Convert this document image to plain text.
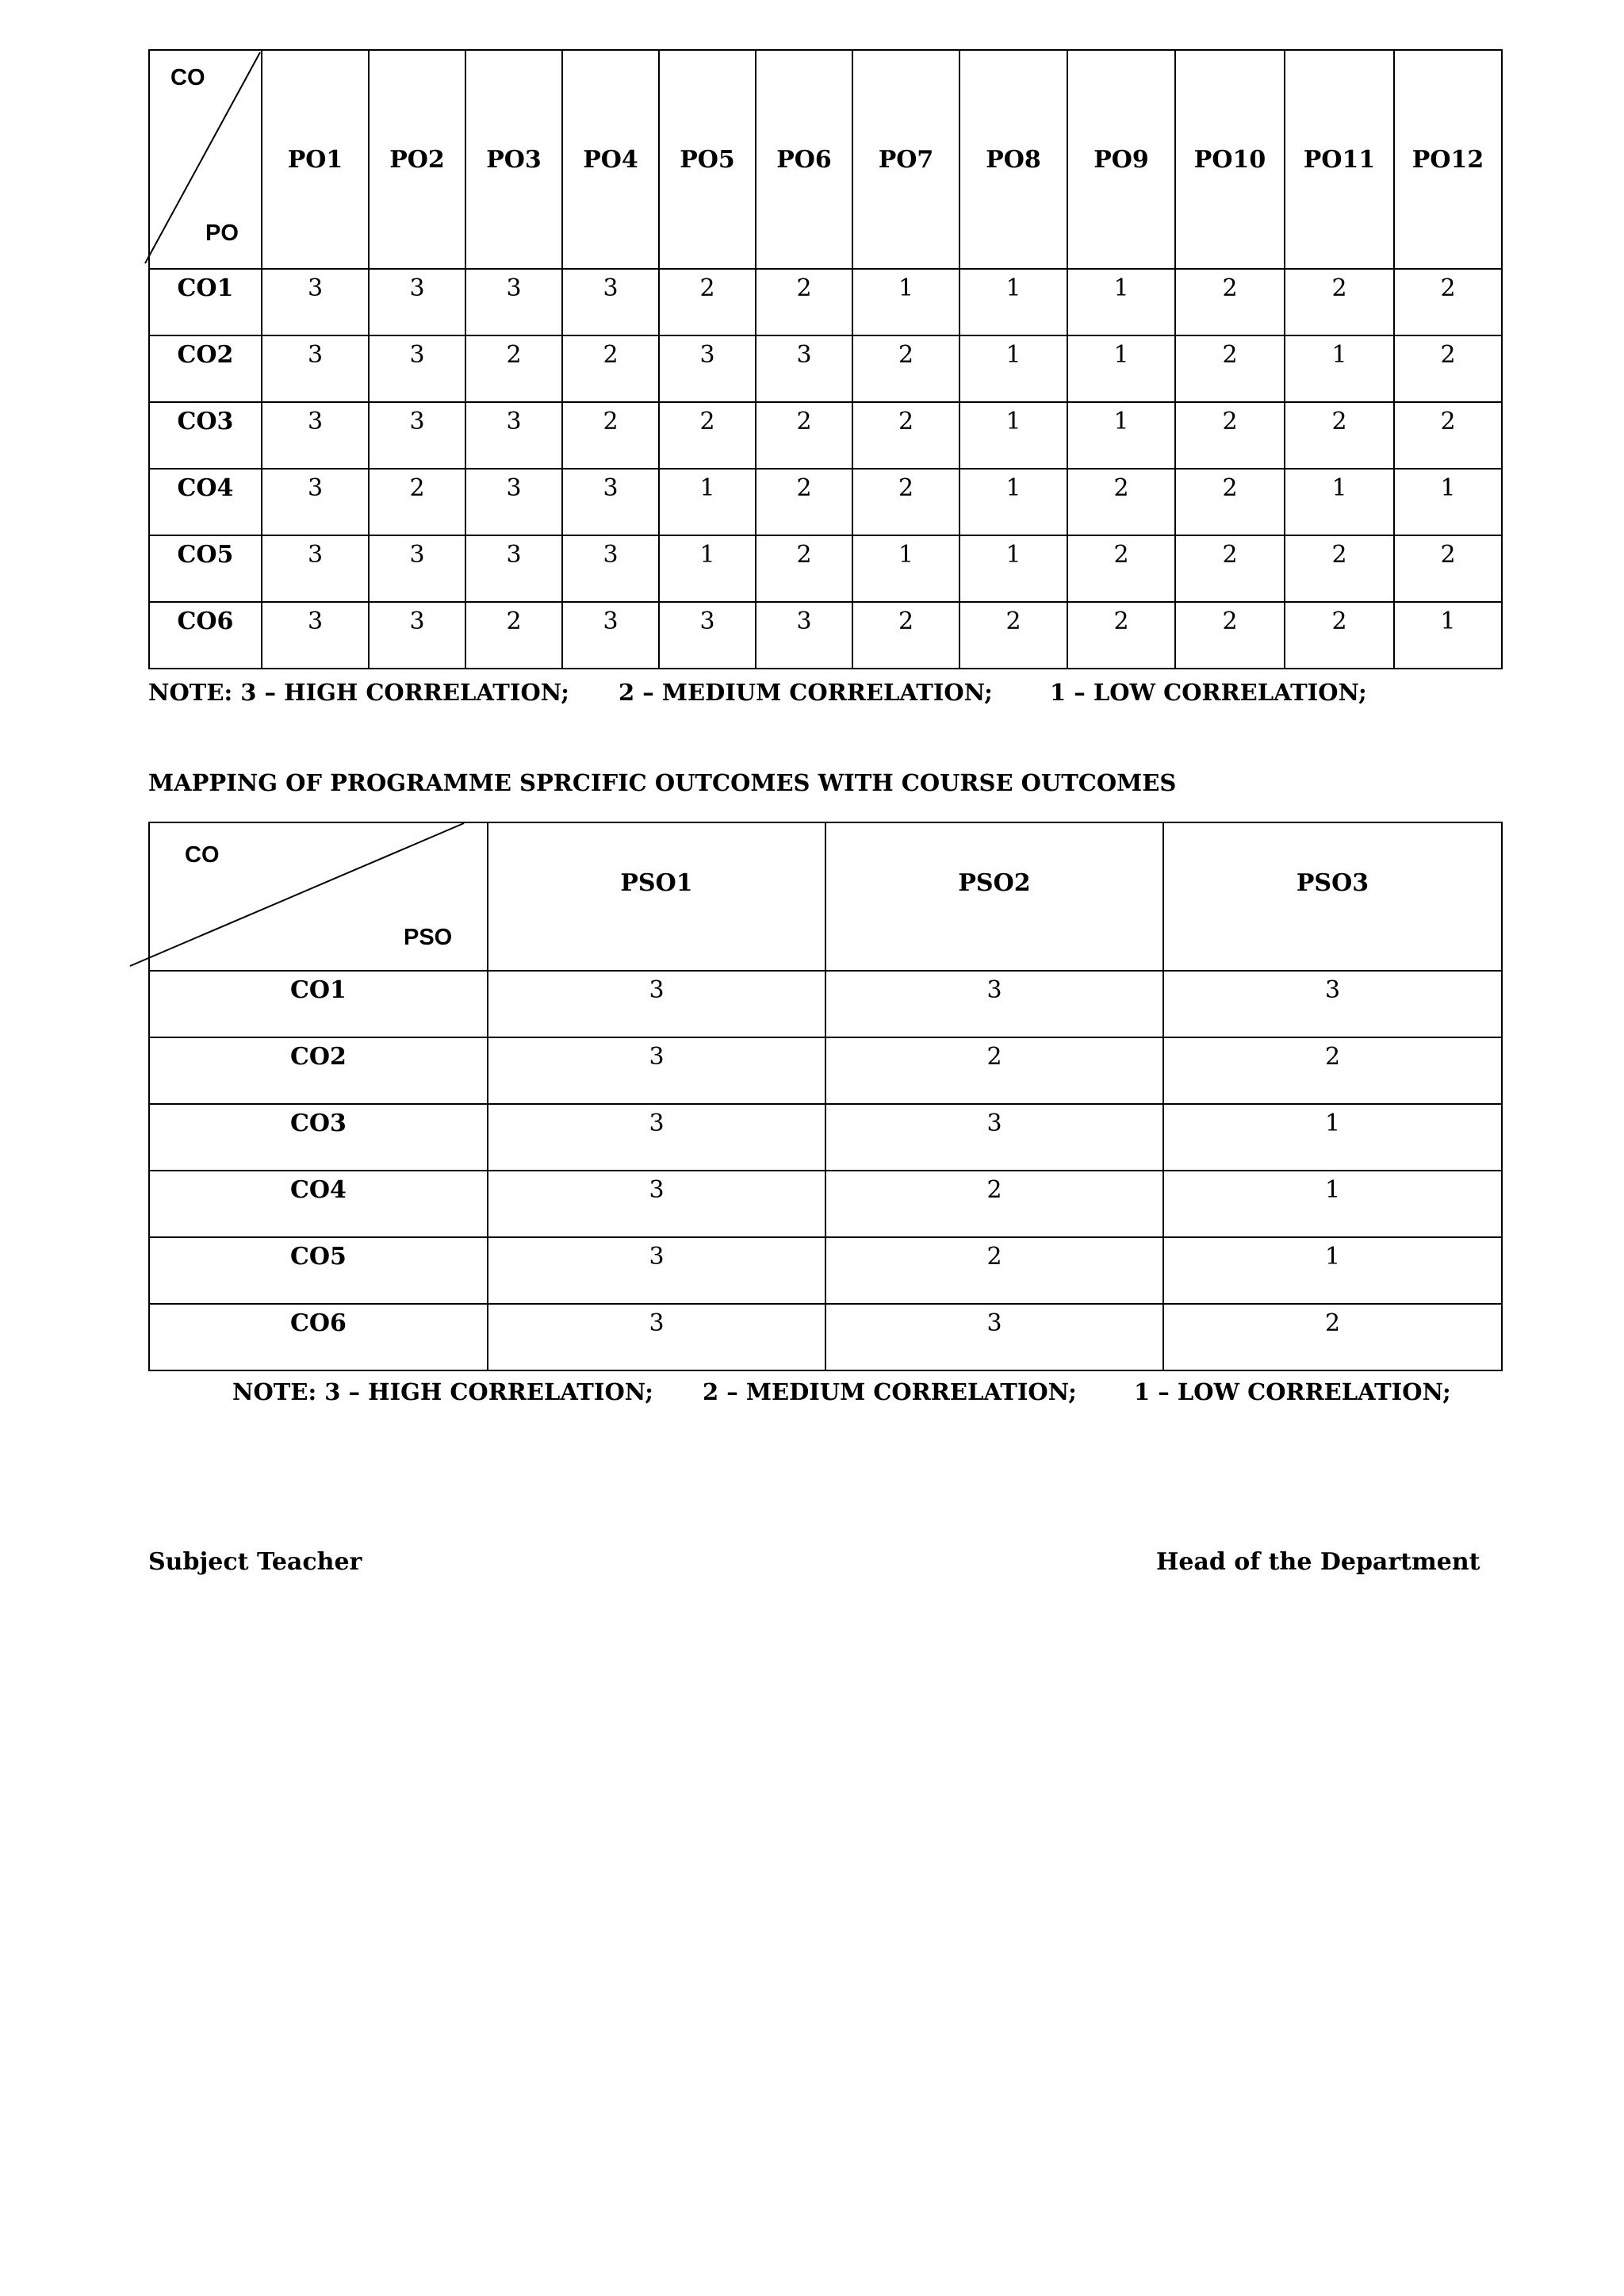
CO
PO	PO1	PO2	PO3	PO4	PO5	PO6	PO7	PO8	PO9	PO10	PO11	PO12
CO1	3	3	3	3	2	2	1	1	1	2	2	2
CO2	3	3	2	2	3	3	2	1	1	2	1	2
CO3	3	3	3	2	2	2	2	1	1	2	2	2
CO4	3	2	3	3	1	2	2	1	2	2	1	1
CO5	3	3	3	3	1	2	1	1	2	2	2	2
CO6	3	3	2	3	3	3	2	2	2	2	2	1
NOTE: 3 – HIGH CORRELATION; 2 – MEDIUM CORRELATION; 1 – LOW CORRELATION;
MAPPING OF PROGRAMME SPRCIFIC OUTCOMES WITH COURSE OUTCOMES
CO
PSO	PSO1	PSO2	PSO3
CO1	3	3	3
CO2	3	2	2
CO3	3	3	1
CO4	3	2	1
CO5	3	2	1
CO6	3	3	2
NOTE: 3 – HIGH CORRELATION; 2 – MEDIUM CORRELATION; 1 – LOW CORRELATION;
Subject Teacher	Head of the Department
